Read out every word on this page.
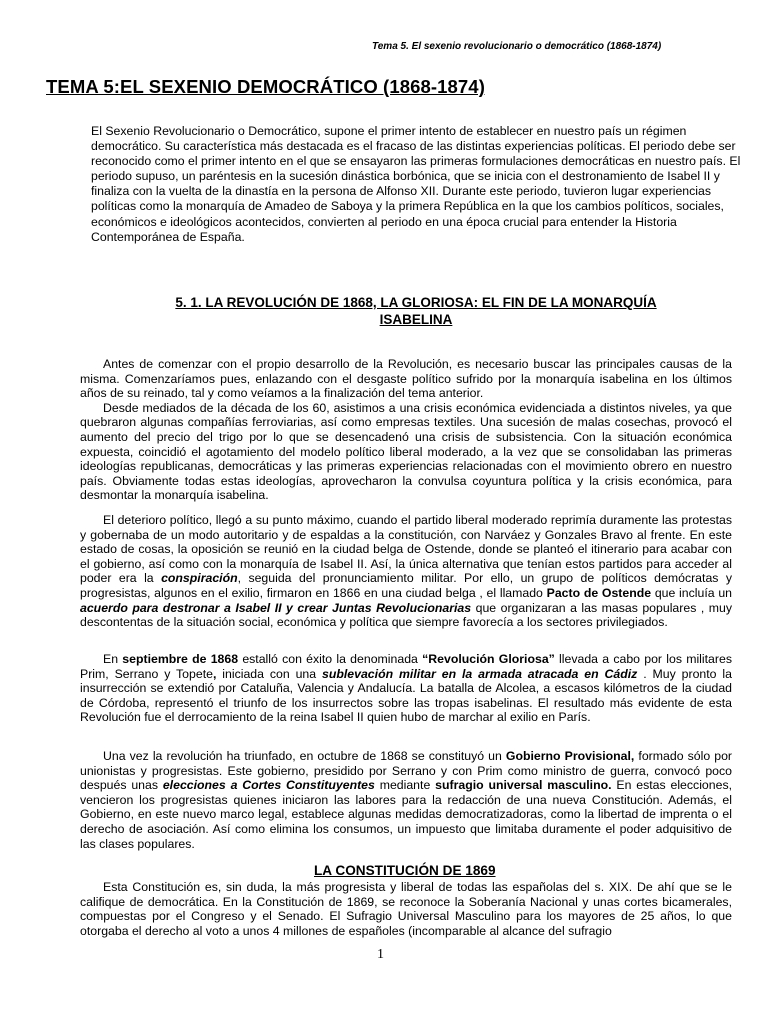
Tema 5. El sexenio revolucionario o democrático (1868-1874)
TEMA 5:EL SEXENIO DEMOCRÁTICO (1868-1874)

El Sexenio Revolucionario o Democrático, supone el primer intento de establecer en nuestro país un régimen democrático. Su característica más destacada es el fracaso de las distintas experiencias políticas. El periodo debe ser reconocido como el primer intento en el que se ensayaron las primeras formulaciones democráticas en nuestro país. El periodo supuso, un paréntesis en la sucesión dinástica borbónica, que se inicia con el destronamiento de Isabel II y finaliza con la vuelta de la dinastía en la persona de Alfonso XII. Durante este periodo, tuvieron lugar experiencias políticas como la monarquía de Amadeo de Saboya y la primera República en la que los cambios políticos, sociales, económicos e ideológicos acontecidos, convierten al periodo en una época crucial para entender la Historia Contemporánea de España.

5. 1. LA REVOLUCIÓN DE 1868, LA GLORIOSA: EL FIN DE LA MONARQUÍA
ISABELINA

Antes de comenzar con el propio desarrollo de la Revolución, es necesario buscar las principales causas de la misma. Comenzaríamos pues, enlazando con el desgaste político sufrido por la monarquía isabelina en los últimos años de su reinado, tal y como veíamos a la finalización del tema anterior.

Desde mediados de la década de los 60, asistimos a una crisis económica evidenciada a distintos niveles, ya que quebraron algunas compañías ferroviarias, así como empresas textiles. Una sucesión de malas cosechas, provocó el aumento del precio del trigo por lo que se desencadenó una crisis de subsistencia. Con la situación económica expuesta, coincidió el agotamiento del modelo político liberal moderado, a la vez que se consolidaban las primeras ideologías republicanas, democráticas y las primeras experiencias relacionadas con el movimiento obrero en nuestro país. Obviamente todas estas ideologías, aprovecharon la convulsa coyuntura política y la crisis económica, para desmontar la monarquía isabelina.

El deterioro político, llegó a su punto máximo, cuando el partido liberal moderado reprimía duramente las protestas y gobernaba de un modo autoritario y de espaldas a la constitución, con Narváez y Gonzales Bravo al frente. En este estado de cosas, la oposición se reunió en la ciudad belga de Ostende, donde se planteó el itinerario para acabar con el gobierno, así como con la monarquía de Isabel II. Así, la única alternativa que tenían estos partidos para acceder al poder era la conspiración, seguida del pronunciamiento militar. Por ello, un grupo de políticos demócratas y progresistas, algunos en el exilio, firmaron en 1866 en una ciudad belga , el llamado Pacto de Ostende que incluía un acuerdo para destronar a Isabel II y crear Juntas Revolucionarias que organizaran a las masas populares , muy descontentas de la situación social, económica y política que siempre favorecía a los sectores privilegiados.

En septiembre de 1868 estalló con éxito la denominada “Revolución Gloriosa” llevada a cabo por los militares Prim, Serrano y Topete, iniciada con una sublevación militar en la armada atracada en Cádiz . Muy pronto la insurrección se extendió por Cataluña, Valencia y Andalucía. La batalla de Alcolea, a escasos kilómetros de la ciudad de Córdoba, representó el triunfo de los insurrectos sobre las tropas isabelinas. El resultado más evidente de esta Revolución fue el derrocamiento de la reina Isabel II quien hubo de marchar al exilio en París.

Una vez la revolución ha triunfado, en octubre de 1868 se constituyó un Gobierno Provisional, formado sólo por unionistas y progresistas. Este gobierno, presidido por Serrano y con Prim como ministro de guerra, convocó poco después unas elecciones a Cortes Constituyentes mediante sufragio universal masculino. En estas elecciones, vencieron los progresistas quienes iniciaron las labores para la redacción de una nueva Constitución. Además, el Gobierno, en este nuevo marco legal, establece algunas medidas democratizadoras, como la libertad de imprenta o el derecho de asociación. Así como elimina los consumos, un impuesto que limitaba duramente el poder adquisitivo de las clases populares.

LA CONSTITUCIÓN DE 1869

Esta Constitución es, sin duda, la más progresista y liberal de todas las españolas del s. XIX. De ahí que se le califique de democrática. En la Constitución de 1869, se reconoce la Soberanía Nacional y unas cortes bicamerales, compuestas por el Congreso y el Senado. El Sufragio Universal Masculino para los mayores de 25 años, lo que otorgaba el derecho al voto a unos 4 millones de españoles (incomparable al alcance del sufragio

1
